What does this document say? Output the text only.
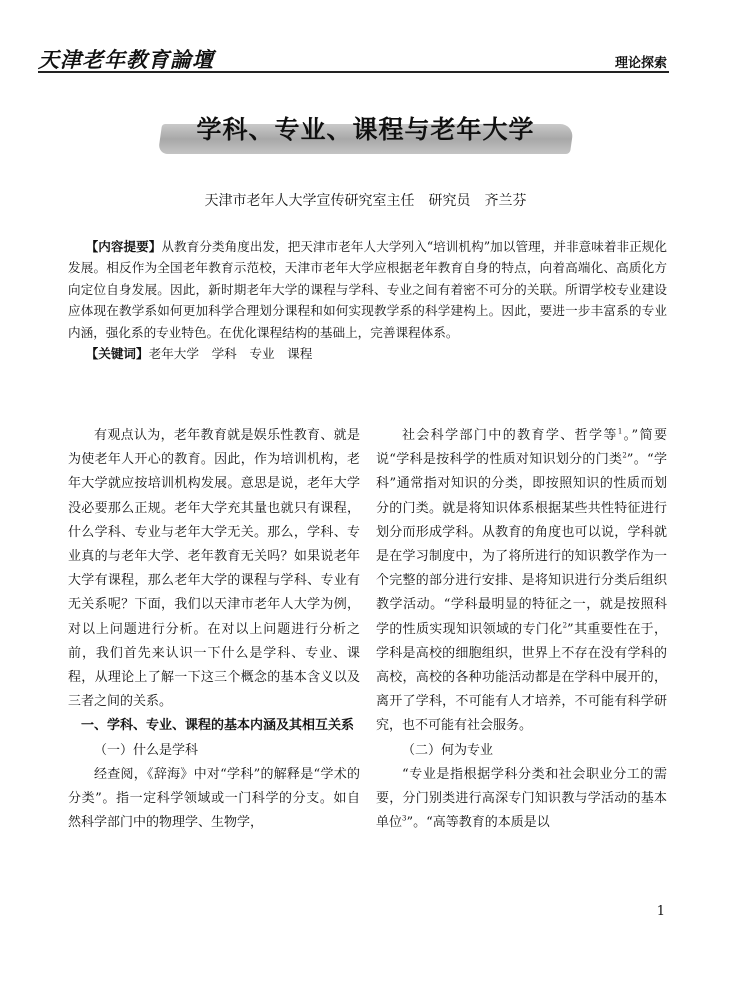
天津老年教育論壇	理论探索
学科、专业、课程与老年大学
天津市老年人大学宣传研究室主任 研究员 齐兰芬

【内容提要】从教育分类角度出发，把天津市老年人大学列入“培训机构”加以管理，并非意味着非正规化发展。相反作为全国老年教育示范校，天津市老年大学应根据老年教育自身的特点，向着高端化、高质化方向定位自身发展。因此，新时期老年大学的课程与学科、专业之间有着密不可分的关联。所谓学校专业建设应体现在教学系如何更加科学合理划分课程和如何实现教学系的科学建构上。因此，要进一步丰富系的专业内涵，强化系的专业特色。在优化课程结构的基础上，完善课程体系。

【关键词】老年大学　学科　专业　课程

有观点认为，老年教育就是娱乐性教育、就是为使老年人开心的教育。因此，作为培训机构，老年大学就应按培训机构发展。意思是说，老年大学没必要那么正规。老年大学充其量也就只有课程，什么学科、专业与老年大学无关。那么，学科、专业真的与老年大学、老年教育无关吗？如果说老年大学有课程，那么老年大学的课程与学科、专业有无关系呢？下面，我们以天津市老年人大学为例，对以上问题进行分析。在对以上问题进行分析之前，我们首先来认识一下什么是学科、专业、课程，从理论上了解一下这三个概念的基本含义以及三者之间的关系。

一、学科、专业、课程的基本内涵及其相互关系

（一）什么是学科

经查阅，《辞海》中对“学科”的解释是“学术的分类”。指一定科学领域或一门科学的分支。如自然科学部门中的物理学、生物学，

社会科学部门中的教育学、哲学等$^1$。”简要说“学科是按科学的性质对知识划分的门类$^2$”。“学科”通常指对知识的分类，即按照知识的性质而划分的门类。就是将知识体系根据某些共性特征进行划分而形成学科。从教育的角度也可以说，学科就是在学习制度中，为了将所进行的知识教学作为一个完整的部分进行安排、是将知识进行分类后组织教学活动。“学科最明显的特征之一，就是按照科学的性质实现知识领域的专门化$^2$”其重要性在于，学科是高校的细胞组织，世界上不存在没有学科的高校，高校的各种功能活动都是在学科中展开的，离开了学科，不可能有人才培养，不可能有科学研究，也不可能有社会服务。

（二）何为专业

“专业是指根据学科分类和社会职业分工的需要，分门别类进行高深专门知识教与学活动的基本单位$^3$”。“高等教育的本质是以

1
